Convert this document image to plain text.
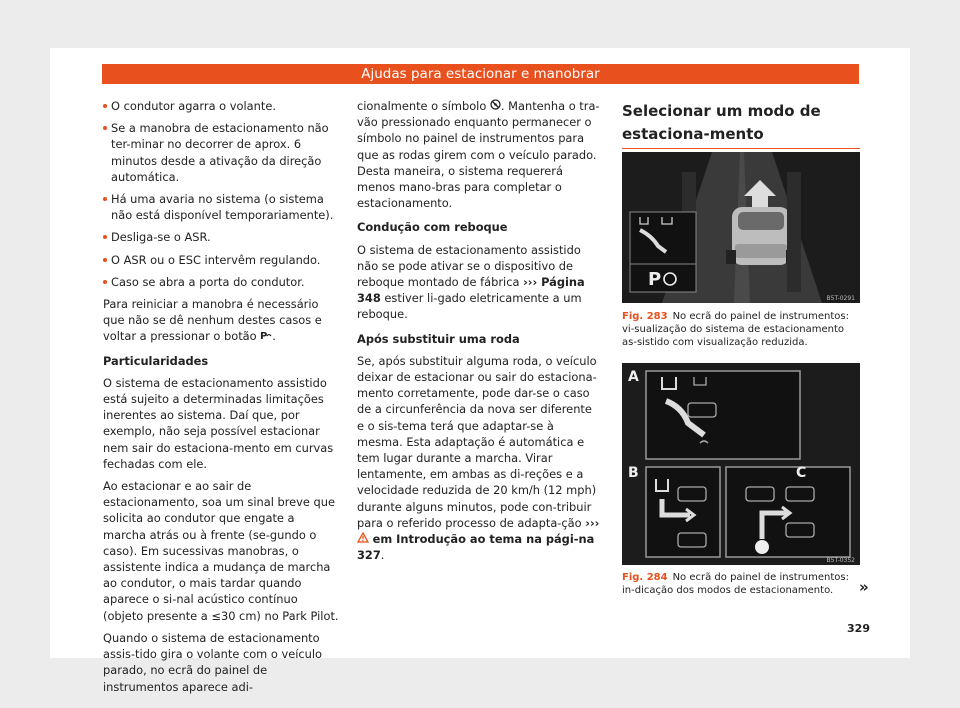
Ajudas para estacionar e manobrar

O condutor agarra o volante.

Se a manobra de estacionamento não ter-minar no decorrer de aprox. 6 minutos desde a ativação da direção automática.

Há uma avaria no sistema (o sistema não está disponível temporariamente).

Desliga-se o ASR.

O ASR ou o ESC intervêm regulando.

Caso se abra a porta do condutor.

Para reiniciar a manobra é necessário que não se dê nenhum destes casos e voltar a pressionar o botão P .

Particularidades

O sistema de estacionamento assistido está sujeito a determinadas limitações inerentes ao sistema. Daí que, por exemplo, não seja possível estacionar nem sair do estaciona-mento em curvas fechadas com ele.

Ao estacionar e ao sair de estacionamento, soa um sinal breve que solicita ao condutor que engate a marcha atrás ou à frente (se-gundo o caso). Em sucessivas manobras, o assistente indica a mudança de marcha ao condutor, o mais tardar quando aparece o si-nal acústico contínuo (objeto presente a ≤30 cm) no Park Pilot.

Quando o sistema de estacionamento assis-tido gira o volante com o veículo parado, no ecrã do painel de instrumentos aparece adi-

cionalmente o símbolo . Mantenha o tra-vão pressionado enquanto permanecer o símbolo no painel de instrumentos para que as rodas girem com o veículo parado. Desta maneira, o sistema requererá menos mano-bras para completar o estacionamento.

Condução com reboque

O sistema de estacionamento assistido não se pode ativar se o dispositivo de reboque montado de fábrica ››› Página 348 estiver li-gado eletricamente a um reboque.

Após substituir uma roda

Se, após substituir alguma roda, o veículo deixar de estacionar ou sair do estaciona-mento corretamente, pode dar-se o caso de a circunferência da nova ser diferente e o sis-tema terá que adaptar-se à mesma. Esta adaptação é automática e tem lugar durante a marcha. Virar lentamente, em ambas as di-reções e a velocidade reduzida de 20 km/h (12 mph) durante alguns minutos, pode con-tribuir para o referido processo de adapta-ção ›››  em Introdução ao tema na pági-na 327.

Selecionar um modo de estaciona-mento
P
B5T-0291
Fig. 283 No ecrã do painel de instrumentos: vi-sualização do sistema de estacionamento as-sistido com visualização reduzida.
A
B	C
B5T-0352
Fig. 284 No ecrã do painel de instrumentos: in-dicação dos modos de estacionamento.	»
329
